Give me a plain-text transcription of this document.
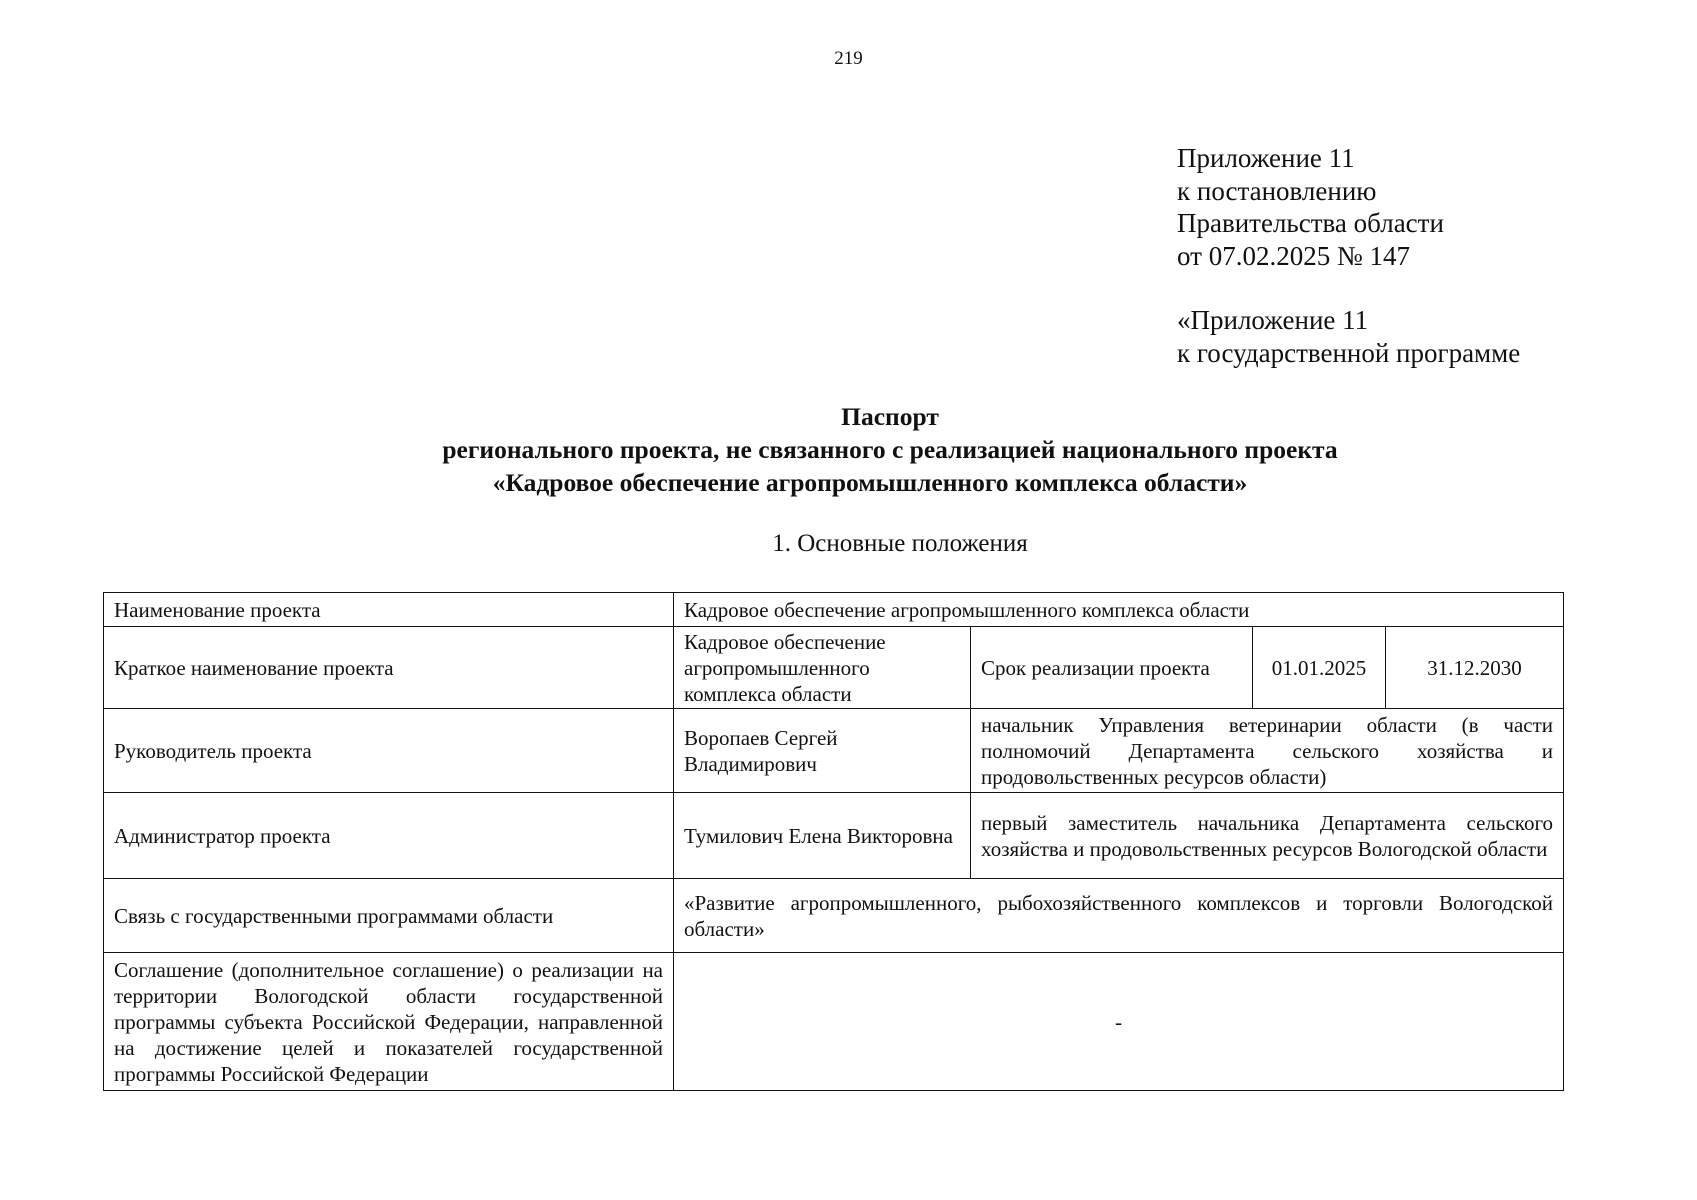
219
Приложение 11
к постановлению
Правительства области
от 07.02.2025 № 147
«Приложение 11
к государственной программе
Паспорт
регионального проекта, не связанного с реализацией национального проекта
«Кадровое обеспечение агропромышленного комплекса области»
1. Основные положения
Наименование проекта	Кадровое обеспечение агропромышленного комплекса области			
Краткое наименование проекта	Кадровое обеспечение агропромышленного комплекса области	Срок реализации проекта	01.01.2025	31.12.2030
Руководитель проекта	Воропаев Сергей Владимирович	начальник Управления ветеринарии области (в части полномочий Департамента сельского хозяйства и продовольственных ресурсов области)		
Администратор проекта	Тумилович Елена Викторовна	первый заместитель начальника Департамента сельского хозяйства и продовольственных ресурсов Вологодской области		
Связь с государственными программами области	«Развитие агропромышленного, рыбохозяйственного комплексов и торговли Вологодской области»			
Соглашение (дополнительное соглашение) о реализации на территории Вологодской области государственной программы субъекта Российской Федерации, направленной на достижение целей и показателей государственной программы Российской Федерации	-			
